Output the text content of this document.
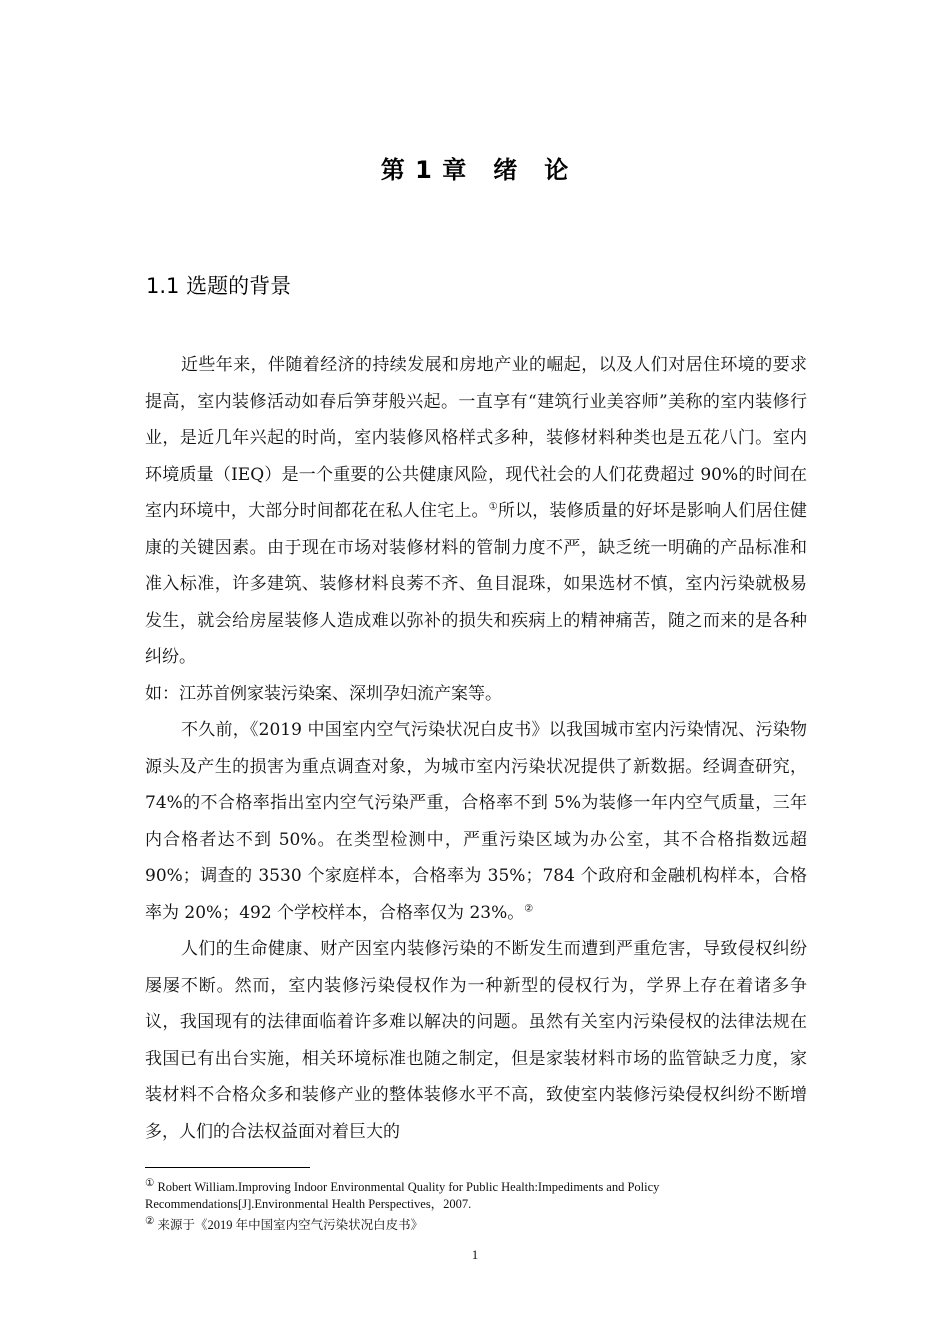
第 1 章 绪 论
1.1 选题的背景

近些年来，伴随着经济的持续发展和房地产业的崛起，以及人们对居住环境的要求提高，室内装修活动如春后笋芽般兴起。一直享有“建筑行业美容师”美称的室内装修行业，是近几年兴起的时尚，室内装修风格样式多种，装修材料种类也是五花八门。室内环境质量（IEQ）是一个重要的公共健康风险，现代社会的人们花费超过 90%的时间在室内环境中，大部分时间都花在私人住宅上。①所以，装修质量的好坏是影响人们居住健康的关键因素。由于现在市场对装修材料的管制力度不严，缺乏统一明确的产品标准和准入标准，许多建筑、装修材料良莠不齐、鱼目混珠，如果选材不慎，室内污染就极易发生，就会给房屋装修人造成难以弥补的损失和疾病上的精神痛苦，随之而来的是各种纠纷。

如：江苏首例家装污染案、深圳孕妇流产案等。

不久前，《2019 中国室内空气污染状况白皮书》以我国城市室内污染情况、污染物源头及产生的损害为重点调查对象，为城市室内污染状况提供了新数据。经调查研究，74%的不合格率指出室内空气污染严重，合格率不到 5%为装修一年内空气质量，三年内合格者达不到 50%。在类型检测中，严重污染区域为办公室，其不合格指数远超 90%；调查的 3530 个家庭样本，合格率为 35%；784 个政府和金融机构样本，合格率为 20%；492 个学校样本，合格率仅为 23%。②

人们的生命健康、财产因室内装修污染的不断发生而遭到严重危害，导致侵权纠纷屡屡不断。然而，室内装修污染侵权作为一种新型的侵权行为，学界上存在着诸多争议，我国现有的法律面临着许多难以解决的问题。虽然有关室内污染侵权的法律法规在我国已有出台实施，相关环境标准也随之制定，但是家装材料市场的监管缺乏力度，家装材料不合格众多和装修产业的整体装修水平不高，致使室内装修污染侵权纠纷不断增多，人们的合法权益面对着巨大的

① Robert William.Improving Indoor Environmental Quality for Public Health:Impediments and Policy Recommendations[J].Environmental Health Perspectives，2007.

② 来源于《2019 年中国室内空气污染状况白皮书》

1
